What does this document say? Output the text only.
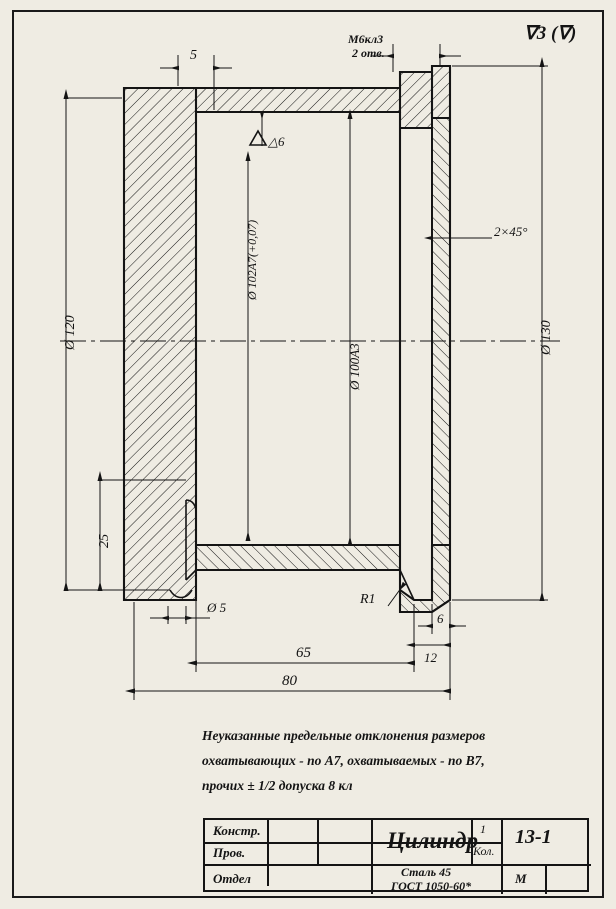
∇3 (∇)
М6кл3
2 отв.
5
△6
Ø 102А7(+0,07)
Ø 100А3
Ø 120	Ø 130
2×45°
25
Ø 5
R1
6
12
65
80
Неуказанные предельные отклонения размеров
охватывающих - по А7, охватываемых - по В7,
прочих ± 1/2 допуска 8 кл
Констр.
Пров.
Отдел
Цилиндр 1
Кол.
13-1
Сталь 45
ГОСТ 1050-60*	М
